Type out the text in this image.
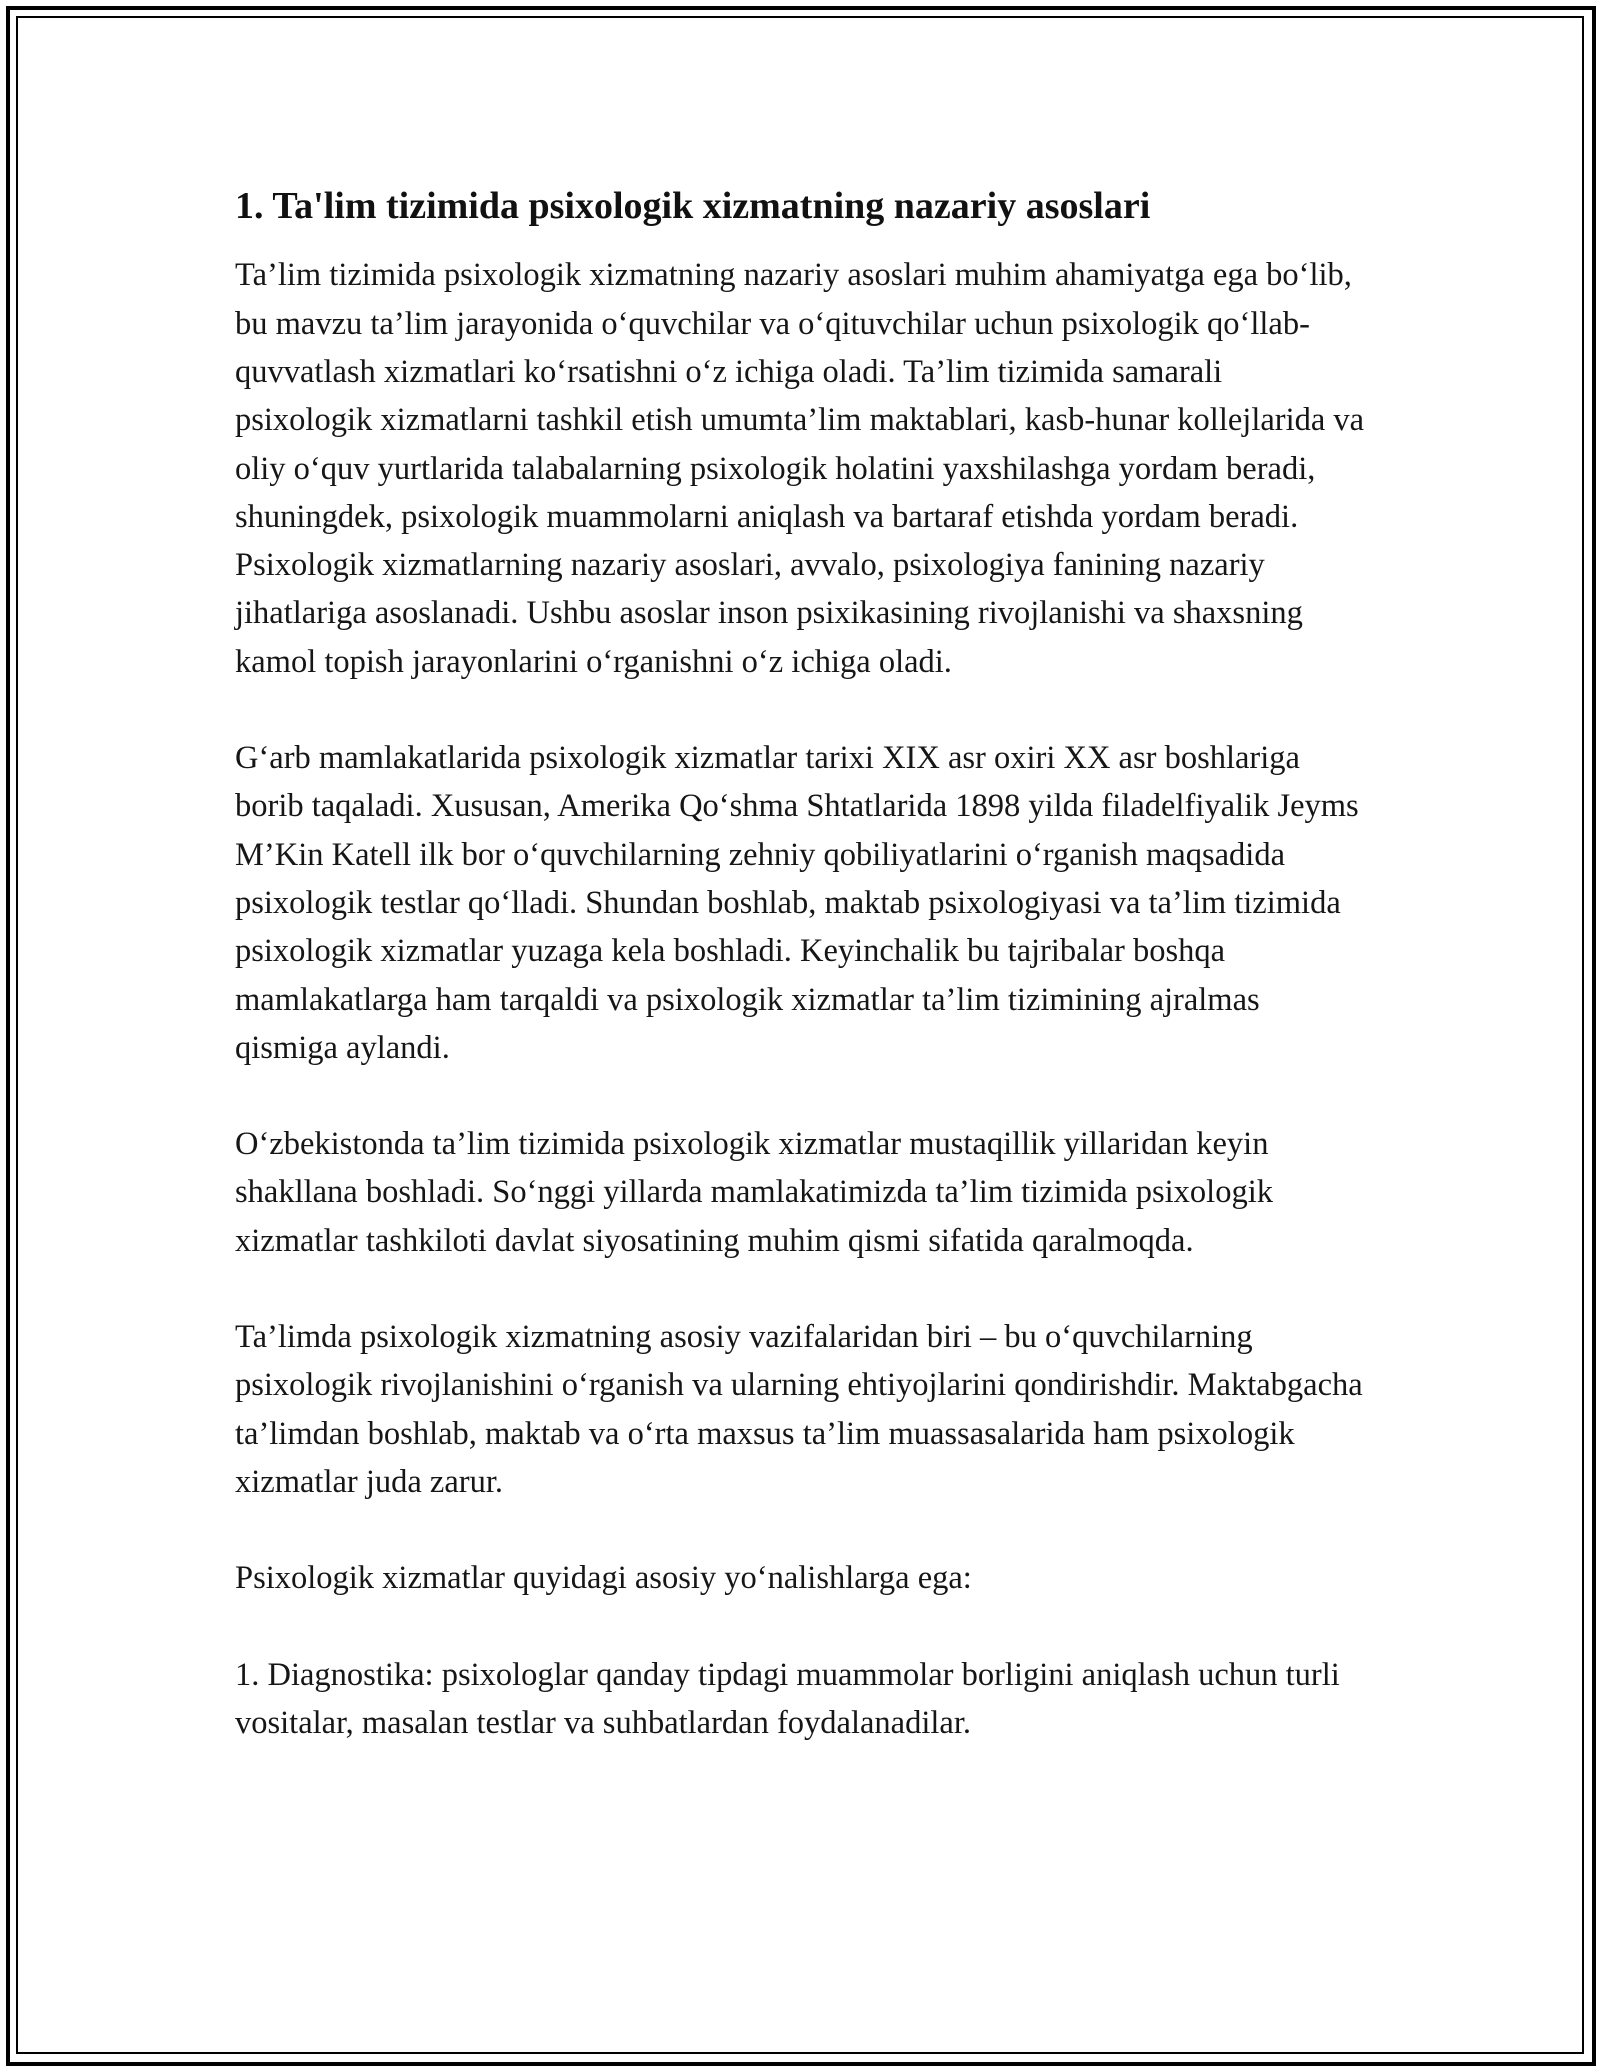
1. Ta'lim tizimida psixologik xizmatning nazariy asoslari

Ta’lim tizimida psixologik xizmatning nazariy asoslari muhim ahamiyatga ega bo‘lib, bu mavzu ta’lim jarayonida o‘quvchilar va o‘qituvchilar uchun psixologik qo‘llab-quvvatlash xizmatlari ko‘rsatishni o‘z ichiga oladi. Ta’lim tizimida samarali psixologik xizmatlarni tashkil etish umumta’lim maktablari, kasb-hunar kollejlarida va oliy o‘quv yurtlarida talabalarning psixologik holatini yaxshilashga yordam beradi, shuningdek, psixologik muammolarni aniqlash va bartaraf etishda yordam beradi. Psixologik xizmatlarning nazariy asoslari, avvalo, psixologiya fanining nazariy jihatlariga asoslanadi. Ushbu asoslar inson psixikasining rivojlanishi va shaxsning kamol topish jarayonlarini o‘rganishni o‘z ichiga oladi.

G‘arb mamlakatlarida psixologik xizmatlar tarixi XIX asr oxiri XX asr boshlariga borib taqaladi. Xususan, Amerika Qo‘shma Shtatlarida 1898 yilda filadelfiyalik Jeyms M’Kin Katell ilk bor o‘quvchilarning zehniy qobiliyatlarini o‘rganish maqsadida psixologik testlar qo‘lladi. Shundan boshlab, maktab psixologiyasi va ta’lim tizimida psixologik xizmatlar yuzaga kela boshladi. Keyinchalik bu tajribalar boshqa mamlakatlarga ham tarqaldi va psixologik xizmatlar ta’lim tizimining ajralmas qismiga aylandi.

O‘zbekistonda ta’lim tizimida psixologik xizmatlar mustaqillik yillaridan keyin shakllana boshladi. So‘nggi yillarda mamlakatimizda ta’lim tizimida psixologik xizmatlar tashkiloti davlat siyosatining muhim qismi sifatida qaralmoqda.

Ta’limda psixologik xizmatning asosiy vazifalaridan biri – bu o‘quvchilarning psixologik rivojlanishini o‘rganish va ularning ehtiyojlarini qondirishdir. Maktabgacha ta’limdan boshlab, maktab va o‘rta maxsus ta’lim muassasalarida ham psixologik xizmatlar juda zarur.

Psixologik xizmatlar quyidagi asosiy yo‘nalishlarga ega:

1. Diagnostika: psixologlar qanday tipdagi muammolar borligini aniqlash uchun turli vositalar, masalan testlar va suhbatlardan foydalanadilar.
